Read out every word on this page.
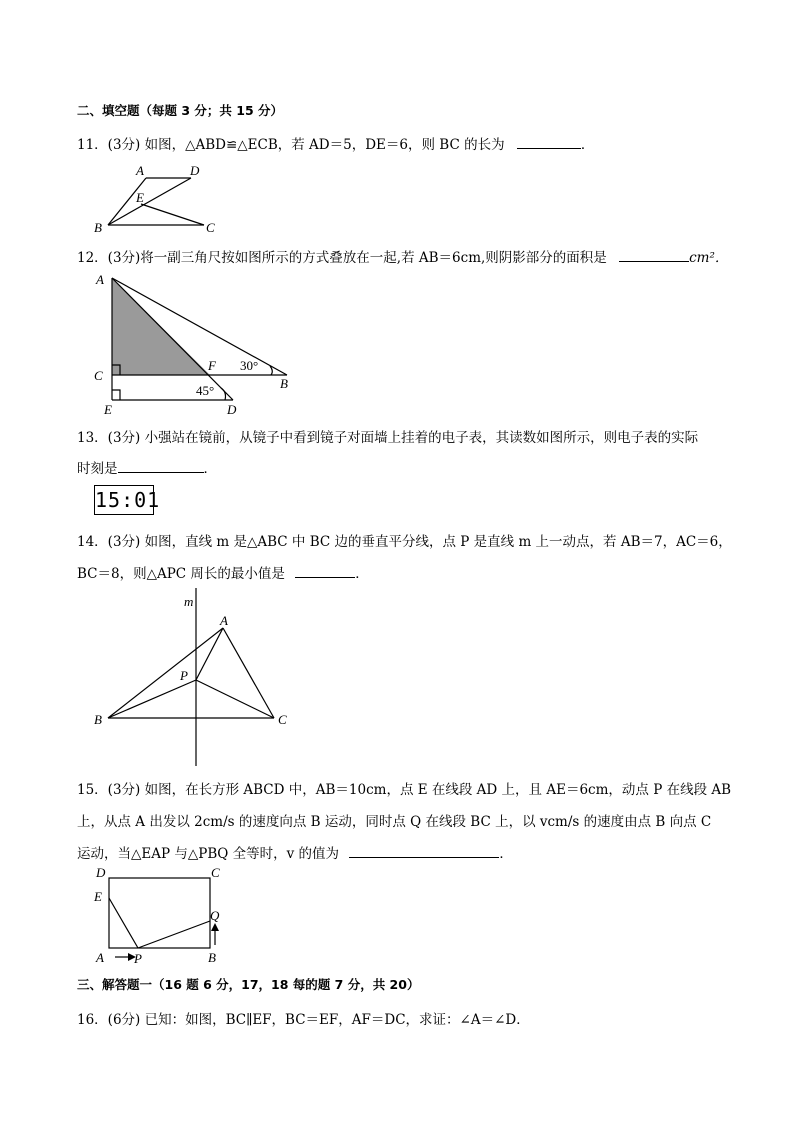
二、填空题（每题 3 分；共 15 分）
11．(3分) 如图，△ABD≌△ECB，若 AD＝5，DE＝6，则 BC 的长为	．
A	D
E
B	C
12．(3分)将一副三角尺按如图所示的方式叠放在一起,若 AB＝6cm,则阴影部分的面积是	cm²．
A
C
E
F 30°
B
45°
D
13．(3分) 小强站在镜前，从镜子中看到镜子对面墙上挂着的电子表，其读数如图所示，则电子表的实际
时刻是	．
15:01
14．(3分) 如图，直线 m 是△ABC 中 BC 边的垂直平分线，点 P 是直线 m 上一动点，若 AB＝7，AC＝6，
BC＝8，则△APC 周长的最小值是	．
m
A
P
B	C
15．(3分) 如图，在长方形 ABCD 中，AB＝10cm，点 E 在线段 AD 上，且 AE＝6cm，动点 P 在线段 AB
上，从点 A 出发以 2cm/s 的速度向点 B 运动，同时点 Q 在线段 BC 上，以 vcm/s 的速度由点 B 向点 C
运动，当△EAP 与△PBQ 全等时，v 的值为	．
D	C
E
Q
A P	B
三、解答题一（16 题 6 分，17，18 每的题 7 分，共 20）
16．(6分) 已知：如图，BC∥EF，BC＝EF，AF＝DC，求证：∠A＝∠D．
